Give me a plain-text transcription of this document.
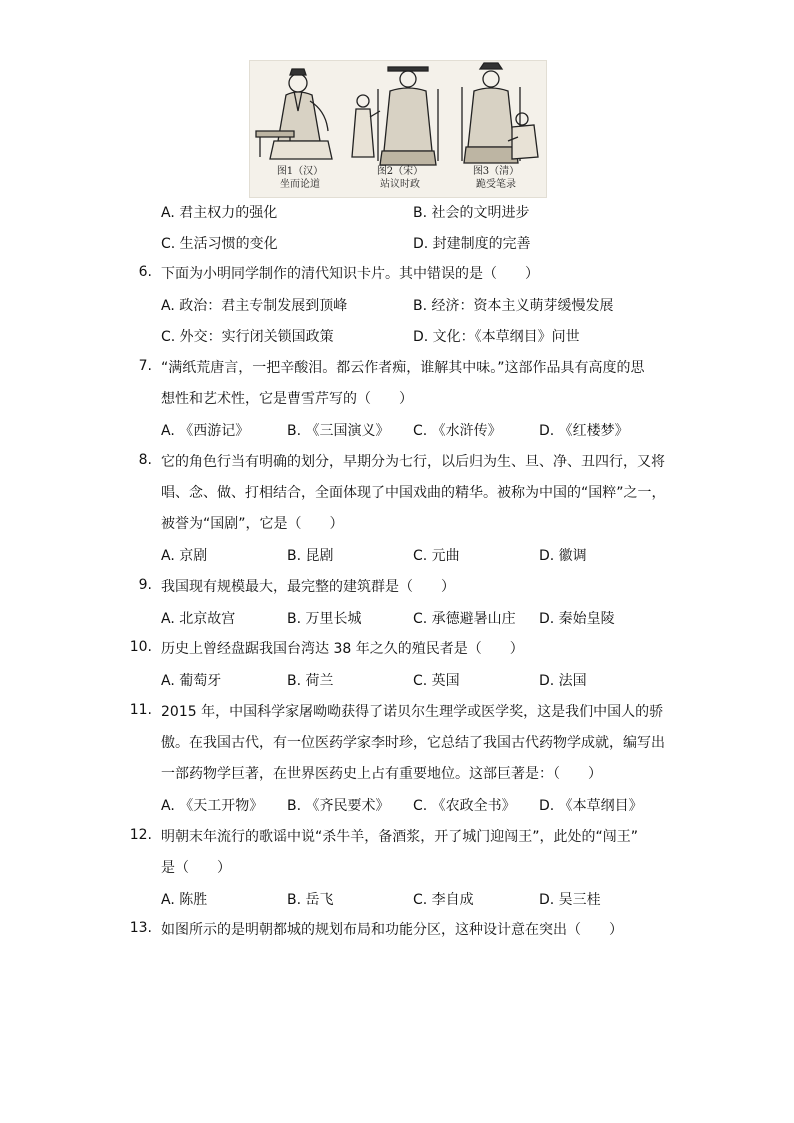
图1（汉）
坐而论道
图2（宋）
站议时政
图3（清）
跪受笔录
A. 君主权力的强化	B. 社会的文明进步
C. 生活习惯的变化	D. 封建制度的完善
6. 下面为小明同学制作的清代知识卡片。其中错误的是（　　）
A. 政治：君主专制发展到顶峰	B. 经济：资本主义萌芽缓慢发展
C. 外交：实行闭关锁国政策	D. 文化：《本草纲目》问世
7. “满纸荒唐言，一把辛酸泪。都云作者痴，谁解其中味。”这部作品具有高度的思
想性和艺术性，它是曹雪芹写的（　　）
A. 《西游记》	B. 《三国演义》 C. 《水浒传》	D. 《红楼梦》
8. 它的角色行当有明确的划分，早期分为七行，以后归为生、旦、净、丑四行，又将
唱、念、做、打相结合，全面体现了中国戏曲的精华。被称为中国的“国粹”之一，
被誉为“国剧”，它是（　　）
A. 京剧	B. 昆剧	C. 元曲	D. 徽调
9. 我国现有规模最大，最完整的建筑群是（　　）
A. 北京故宫	B. 万里长城	C. 承德避暑山庄 D. 秦始皇陵
10. 历史上曾经盘踞我国台湾达 38 年之久的殖民者是（　　）
A. 葡萄牙	B. 荷兰	C. 英国	D. 法国
11. 2015 年，中国科学家屠呦呦获得了诺贝尔生理学或医学奖，这是我们中国人的骄
傲。在我国古代，有一位医药学家李时珍，它总结了我国古代药物学成就，编写出
一部药物学巨著，在世界医药史上占有重要地位。这部巨著是：（　　）
A. 《天工开物》 B. 《齐民要术》 C. 《农政全书》 D. 《本草纲目》
12. 明朝末年流行的歌谣中说“杀牛羊，备酒浆，开了城门迎闯王”，此处的“闯王”
是（　　）
A. 陈胜	B. 岳飞	C. 李自成	D. 吴三桂
13. 如图所示的是明朝都城的规划布局和功能分区，这种设计意在突出（　　）
